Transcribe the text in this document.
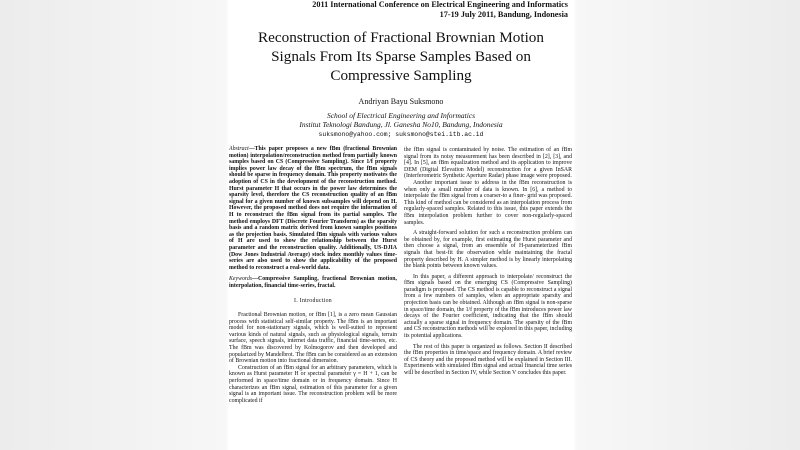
2011 International Conference on Electrical Engineering and Informatics
17-19 July 2011, Bandung, Indonesia
Reconstruction of Fractional Brownian Motion
Signals From Its Sparse Samples Based on
Compressive Sampling
Andriyan Bayu Suksmono
School of Electrical Engineering and Informatics
Institut Teknologi Bandung, Jl. Ganesha No10, Bandung, Indonesia
suksmono@yahoo.com; suksmono@stei.itb.ac.id

Abstract—This paper proposes a new fBm (fractional Brownian motion) interpolation/reconstruction method from partially known samples based on CS (Compressive Sampling). Since 1/f property implies power law decay of the fBm spectrum, the fBm signals should be sparse in frequency domain. This property motivates the adoption of CS in the development of the reconstruction method. Hurst parameter H that occurs in the power law determines the sparsity level, therefore the CS reconstruction quality of an fBm signal for a given number of known subsamples will depend on H. However, the proposed method does not require the information of H to reconstruct the fBm signal from its partial samples. The method employs DFT (Discrete Fourier Transform) as the sparsity basis and a random matrix derived from known samples positions as the projection basis. Simulated fBm signals with various values of H are used to show the relationship between the Hurst parameter and the reconstruction quality. Additionally, US-DJIA (Dow Jones Industrial Average) stock index monthly values time-series are also used to show the applicability of the proposed method to reconstruct a real-world data.

Keywords—Compressive Sampling, fractional Brownian motion, interpolation, financial time-series, fractal.

I. Introduction

Fractional Brownian motion, or fBm [1], is a zero mean Gaussian process with statistical self-similar property. The fBm is an important model for non-stationary signals, which is well-suited to represent various kinds of natural signals, such as physiological signals, terrain surface, speech signals, internet data traffic, financial time-series, etc. The fBm was discovered by Kolmogorov and then developed and popularized by Mandelbrot. The fBm can be considered as an extension of Brownian motion into fractional dimension.

Construction of an fBm signal for an arbitrary parameters, which is known as Hurst parameter H or spectral parameter γ = H + 1, can be performed in space/time domain or in frequency domain. Since H characterizes an fBm signal, estimation of this parameter for a given signal is an important issue. The reconstruction problem will be more complicated if

the fBm signal is contaminated by noise. The estimation of an fBm signal from its noisy measurement has been described in [2], [3], and [4]. In [5], an fBm equalization method and its application to improve DEM (Digital Elevation Model) reconstruction for a given InSAR (Interferometric Synthetic Aperture Radar) phase image were proposed.

Another important issue to address in the fBm reconstruction is when only a small number of data is known. In [6], a method to interpolate the fBm signal from a coarser-to a finer- grid was proposed. This kind of method can be considered as an interpolation process from regularly-spaced samples. Related to this issue, this paper extends the fBm interpolation problem further to cover non-regularly-spaced samples.

A straight-forward solution for such a reconstruction problem can be obtained by, for example, first estimating the Hurst parameter and then choose a signal, from an ensemble of H-parameterized fBm signals that best-fit the observation while maintaining the fractal property described by H. A simpler method is by linearly interpolating the blank points between known values.

In this paper, a different approach to interpolate/ reconstruct the fBm signals based on the emerging CS (Compressive Sampling) paradigm is proposed. The CS method is capable to reconstruct a signal from a few numbers of samples, when an appropriate sparsity and projection basis can be obtained. Although an fBm signal is non-sparse in space/time domain, the 1/f property of the fBm introduces power law decays of the Fourier coefficient, indicating that the fBm should actually a sparse signal in frequency domain. The sparsity of the fBm and CS reconstruction methods will be explored in this paper, including its potential applications.

The rest of this paper is organized as follows. Section II described the fBm properties in time/space and frequency domain. A brief review of CS theory and the proposed method will be explained in Section III. Experiments with simulated fBm signal and actual financial time series will be described in Section IV, while Section V concludes this paper.
